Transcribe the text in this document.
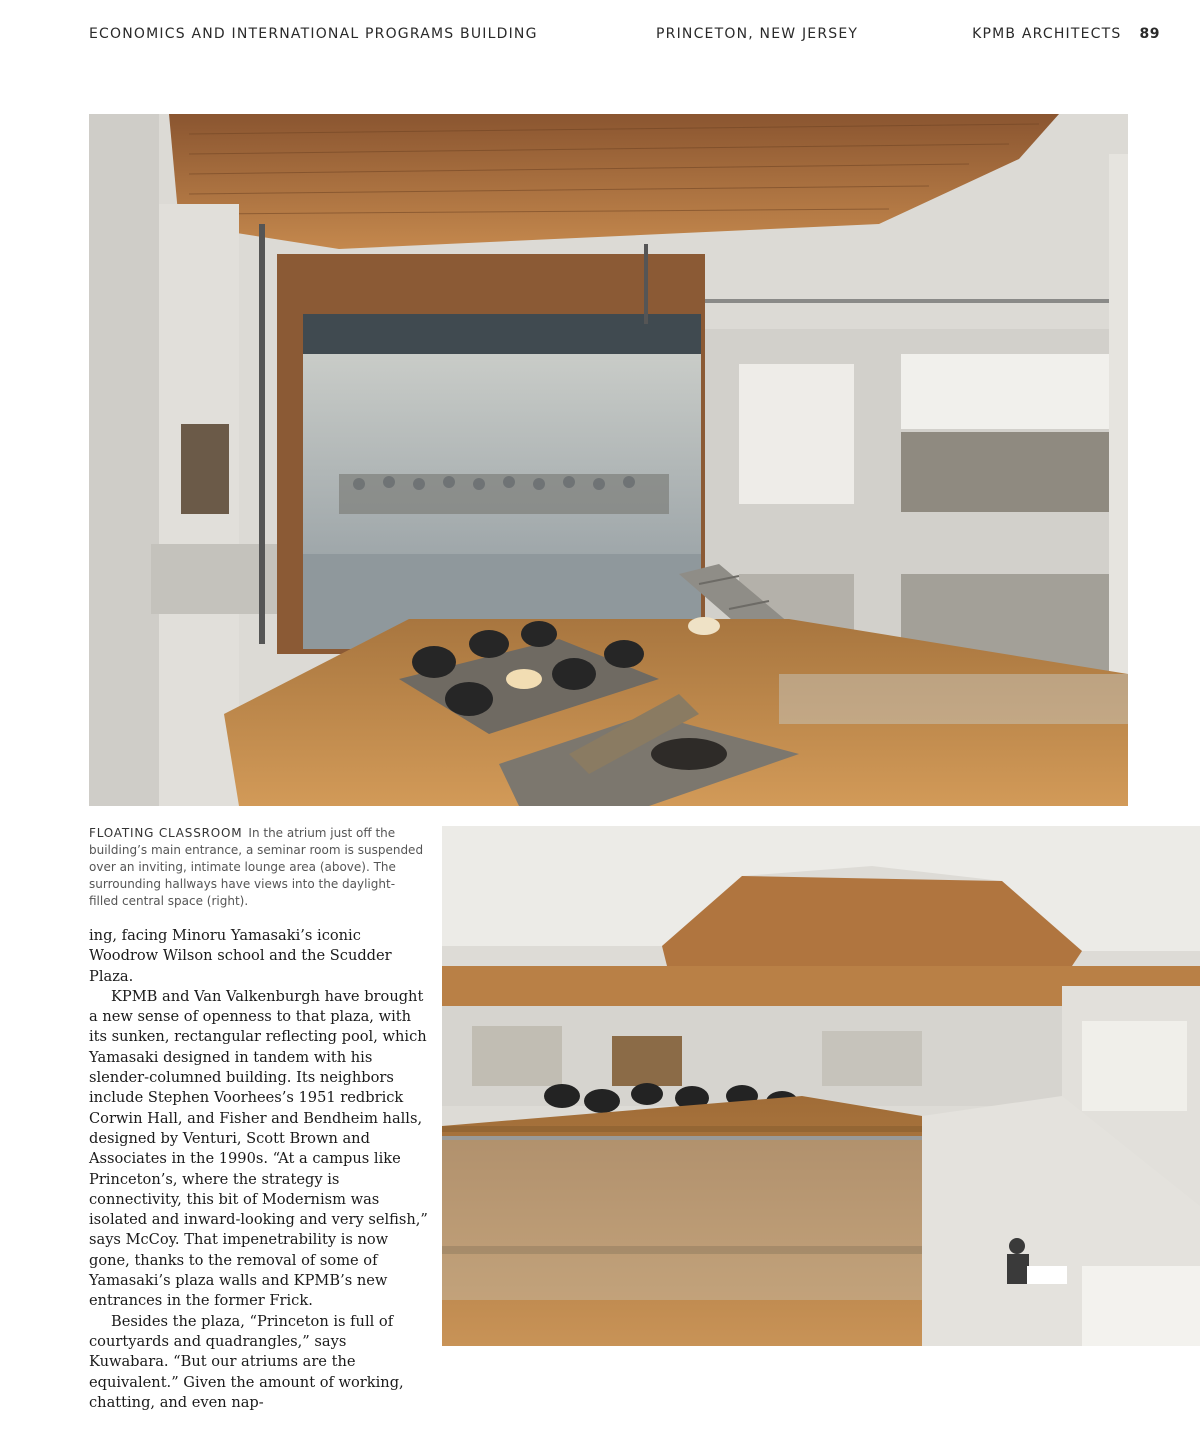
ECONOMICS AND INTERNATIONAL PROGRAMS BUILDING	PRINCETON, NEW JERSEY	KPMB ARCHITECTS 89
FLOATING CLASSROOM In the atrium just off the building’s main entrance, a seminar room is suspended over an inviting, intimate lounge area (above). The surrounding hallways have views into the daylight-filled central space (right).

ing, facing Minoru Yamasaki’s iconic Woodrow Wilson school and the Scudder Plaza.

KPMB and Van Valkenburgh have brought a new sense of openness to that plaza, with its sunken, rectangular reflecting pool, which Yamasaki designed in tandem with his slender-columned building. Its neighbors include Stephen Voorhees’s 1951 redbrick Corwin Hall, and Fisher and Bendheim halls, designed by Venturi, Scott Brown and Associates in the 1990s. “At a campus like Princeton’s, where the strategy is connectivity, this bit of Modernism was isolated and inward-looking and very selfish,” says McCoy. That impenetrability is now gone, thanks to the removal of some of Yamasaki’s plaza walls and KPMB’s new entrances in the former Frick.

Besides the plaza, “Princeton is full of courtyards and quadrangles,” says Kuwabara. “But our atriums are the equivalent.” Given the amount of working, chatting, and even nap-
